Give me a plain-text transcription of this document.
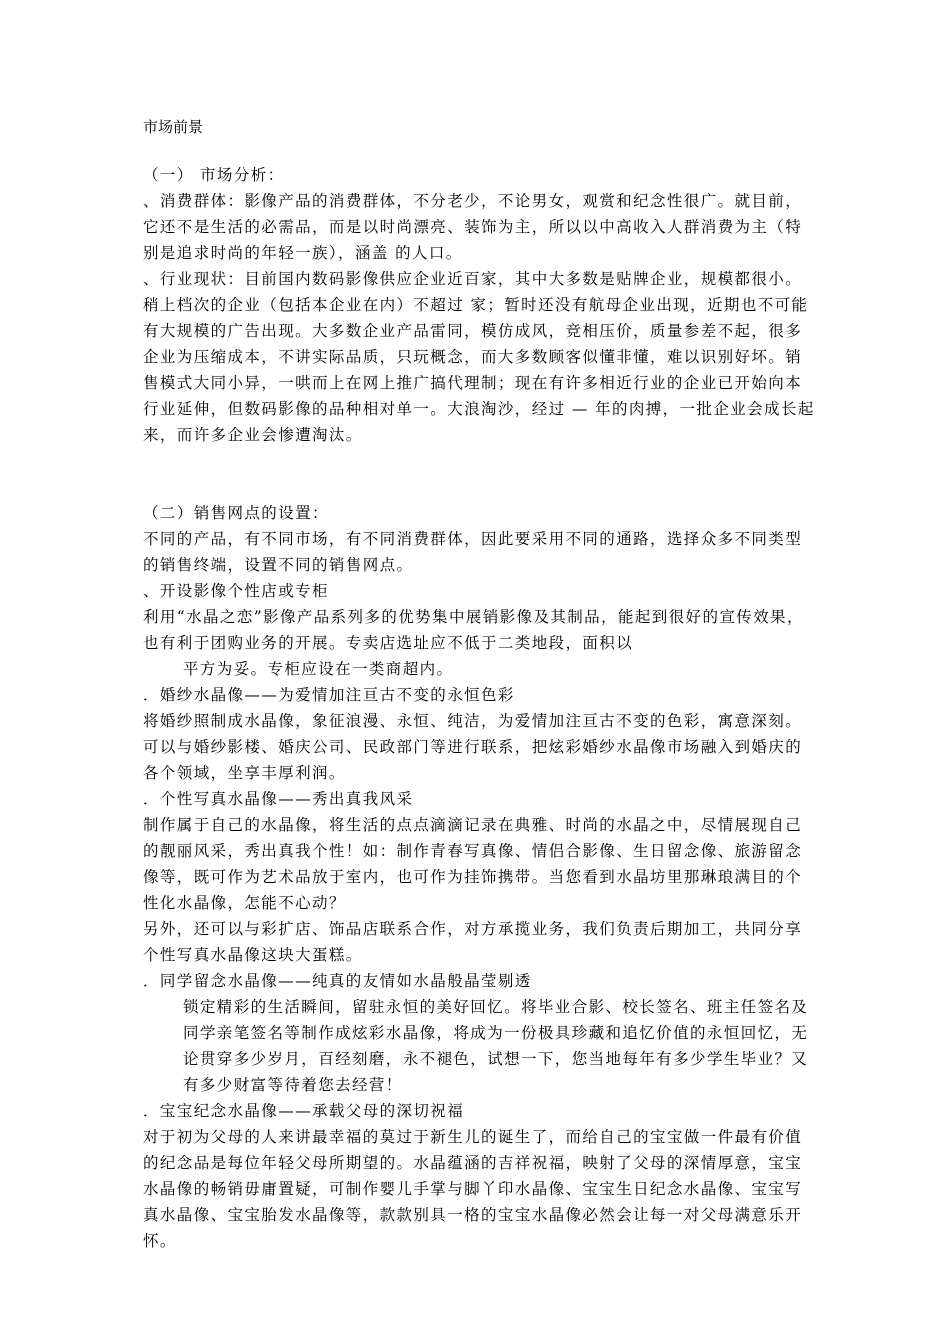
市场前景

（一） 市场分析：

、消费群体：影像产品的消费群体，不分老少，不论男女，观赏和纪念性很广。就目前，它还不是生活的必需品，而是以时尚漂亮、装饰为主，所以以中高收入人群消费为主（特别是追求时尚的年轻一族），涵盖 的人口。

、行业现状：目前国内数码影像供应企业近百家，其中大多数是贴牌企业，规模都很小。稍上档次的企业（包括本企业在内）不超过 家；暂时还没有航母企业出现，近期也不可能有大规模的广告出现。大多数企业产品雷同，模仿成风，竞相压价，质量参差不起，很多企业为压缩成本，不讲实际品质，只玩概念，而大多数顾客似懂非懂，难以识别好坏。销售模式大同小异，一哄而上在网上推广搞代理制；现在有许多相近行业的企业已开始向本行业延伸，但数码影像的品种相对单一。大浪淘沙，经过 — 年的肉搏，一批企业会成长起来，而许多企业会惨遭淘汰。

（二）销售网点的设置：

不同的产品，有不同市场，有不同消费群体，因此要采用不同的通路，选择众多不同类型的销售终端，设置不同的销售网点。

、开设影像个性店或专柜

利用“水晶之恋”影像产品系列多的优势集中展销影像及其制品，能起到很好的宣传效果，也有利于团购业务的开展。专卖店选址应不低于二类地段，面积以

平方为妥。专柜应设在一类商超内。

．婚纱水晶像——为爱情加注亘古不变的永恒色彩

将婚纱照制成水晶像，象征浪漫、永恒、纯洁，为爱情加注亘古不变的色彩，寓意深刻。可以与婚纱影楼、婚庆公司、民政部门等进行联系，把炫彩婚纱水晶像市场融入到婚庆的各个领域，坐享丰厚利润。

．个性写真水晶像——秀出真我风采

制作属于自己的水晶像，将生活的点点滴滴记录在典雅、时尚的水晶之中，尽情展现自己的靓丽风采，秀出真我个性！如：制作青春写真像、情侣合影像、生日留念像、旅游留念像等，既可作为艺术品放于室内，也可作为挂饰携带。当您看到水晶坊里那琳琅满目的个性化水晶像，怎能不心动？

另外，还可以与彩扩店、饰品店联系合作，对方承揽业务，我们负责后期加工，共同分享个性写真水晶像这块大蛋糕。

．同学留念水晶像——纯真的友情如水晶般晶莹剔透

锁定精彩的生活瞬间，留驻永恒的美好回忆。将毕业合影、校长签名、班主任签名及同学亲笔签名等制作成炫彩水晶像，将成为一份极具珍藏和追忆价值的永恒回忆，无论贯穿多少岁月，百经刻磨，永不褪色，试想一下，您当地每年有多少学生毕业？又有多少财富等待着您去经营！

．宝宝纪念水晶像——承载父母的深切祝福

对于初为父母的人来讲最幸福的莫过于新生儿的诞生了，而给自己的宝宝做一件最有价值的纪念品是每位年轻父母所期望的。水晶蕴涵的吉祥祝福，映射了父母的深情厚意，宝宝水晶像的畅销毋庸置疑，可制作婴儿手掌与脚丫印水晶像、宝宝生日纪念水晶像、宝宝写真水晶像、宝宝胎发水晶像等，款款别具一格的宝宝水晶像必然会让每一对父母满意乐开怀。
